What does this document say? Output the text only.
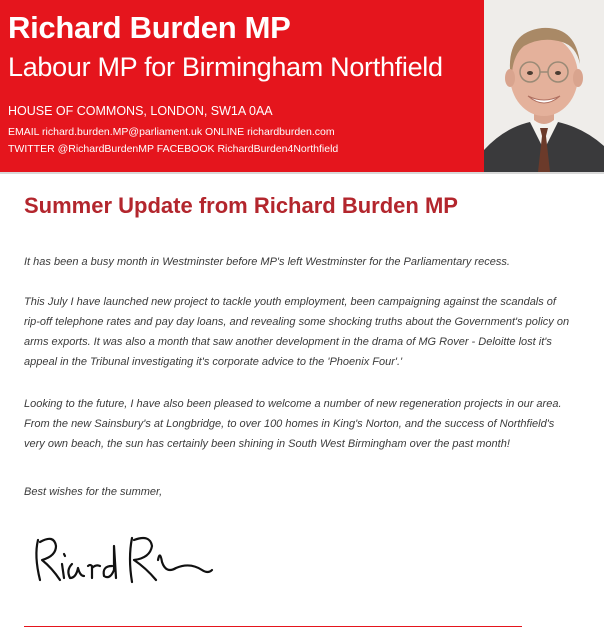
Richard Burden MP
Labour MP for Birmingham Northfield
HOUSE OF COMMONS, LONDON, SW1A 0AA
EMAIL richard.burden.MP@parliament.uk ONLINE richardburden.com
TWITTER @RichardBurdenMP FACEBOOK RichardBurden4Northfield
Summer Update from Richard Burden MP

It has been a busy month in Westminster before MP's left Westminster for the Parliamentary recess.

This July I have launched new project to tackle youth employment, been campaigning against the scandals of rip-off telephone rates and pay day loans, and revealing some shocking truths about the Government's policy on arms exports. It was also a month that saw another development in the drama of MG Rover - Deloitte lost it's appeal in the Tribunal investigating it's corporate advice to the 'Phoenix Four'.'

Looking to the future, I have also been pleased to welcome a number of new regeneration projects in our area. From the new Sainsbury's at Longbridge, to over 100 homes in King's Norton, and the success of Northfield's very own beach, the sun has certainly been shining in South West Birmingham over the past month!

Best wishes for the summer,
